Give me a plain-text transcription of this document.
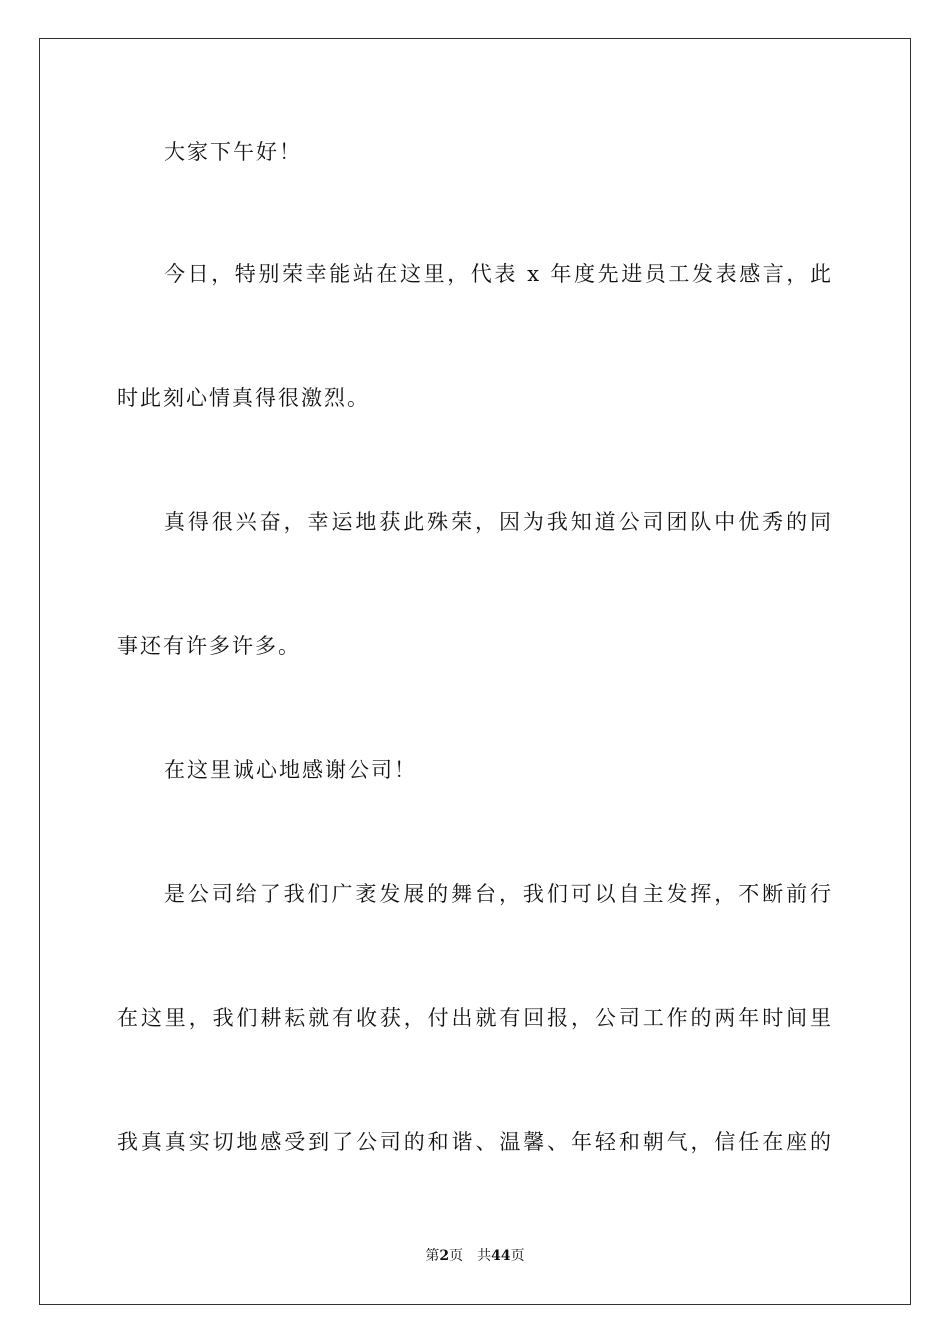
大家下午好！
今日，特别荣幸能站在这里，代表 x 年度先进员工发表感言，此
时此刻心情真得很激烈。
真得很兴奋，幸运地获此殊荣，因为我知道公司团队中优秀的同
事还有许多许多。
在这里诚心地感谢公司！
是公司给了我们广袤发展的舞台，我们可以自主发挥，不断前行
在这里，我们耕耘就有收获，付出就有回报，公司工作的两年时间里
我真真实切地感受到了公司的和谐、温馨、年轻和朝气，信任在座的
第2页 共44页
